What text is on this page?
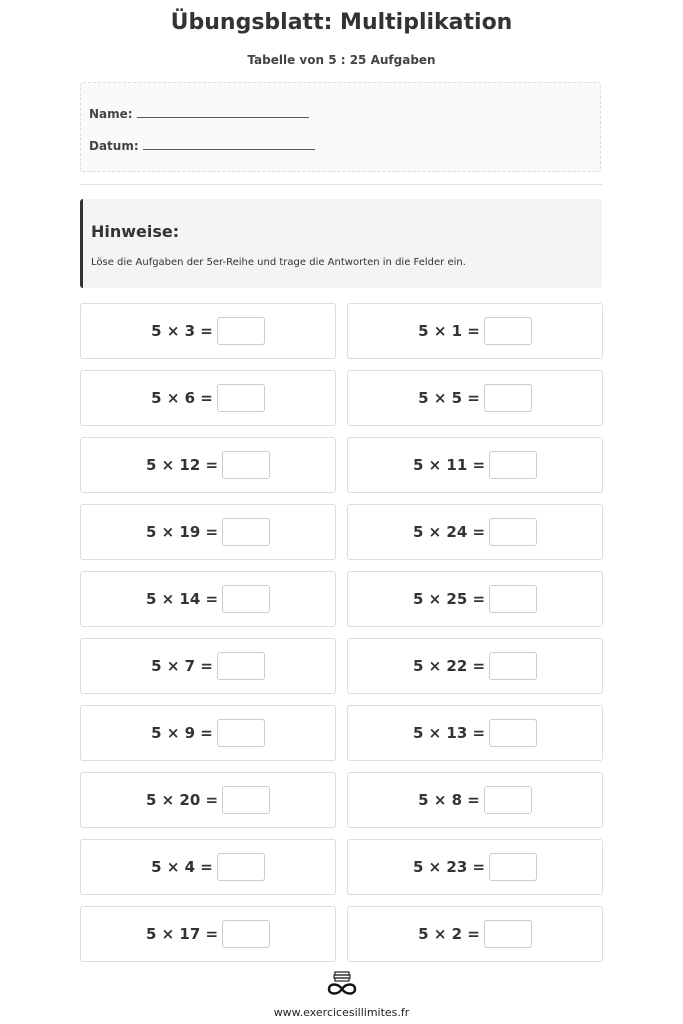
Übungsblatt: Multiplikation
Tabelle von 5 : 25 Aufgaben
Name:
Datum:
Hinweise:
Löse die Aufgaben der 5er-Reihe und trage die Antworten in die Felder ein.
5 × 3 =	5 × 1 =
5 × 6 =	5 × 5 =
5 × 12 =	5 × 11 =
5 × 19 =	5 × 24 =
5 × 14 =	5 × 25 =
5 × 7 =	5 × 22 =
5 × 9 =	5 × 13 =
5 × 20 =	5 × 8 =
5 × 4 =	5 × 23 =
5 × 17 =	5 × 2 =
www.exercicesillimites.fr
